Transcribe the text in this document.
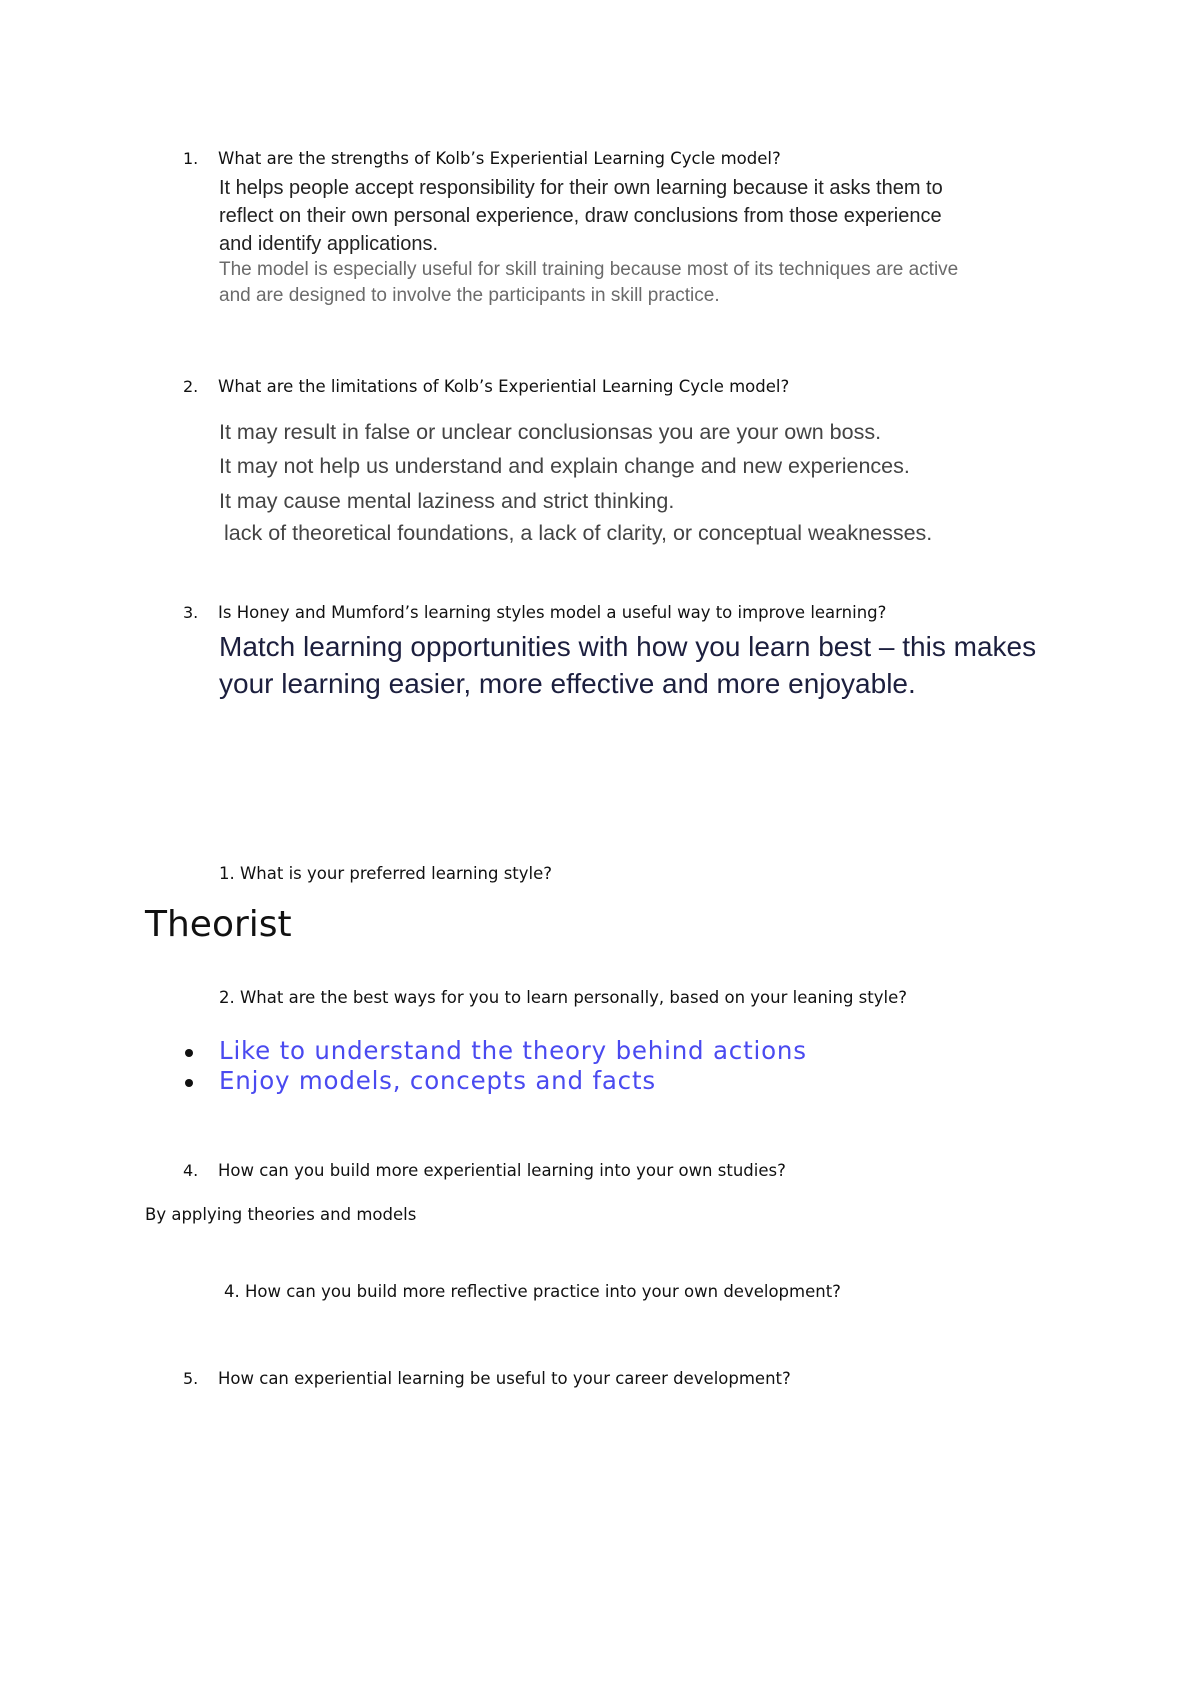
1. What are the strengths of Kolb’s Experiential Learning Cycle model?
It helps people accept responsibility for their own learning because it asks them to
reflect on their own personal experience, draw conclusions from those experience
and identify applications.
The model is especially useful for skill training because most of its techniques are active
and are designed to involve the participants in skill practice.
2. What are the limitations of Kolb’s Experiential Learning Cycle model?
It may result in false or unclear conclusionsas you are your own boss.
It may not help us understand and explain change and new experiences.
It may cause mental laziness and strict thinking.
lack of theoretical foundations, a lack of clarity, or conceptual weaknesses.
3. Is Honey and Mumford’s learning styles model a useful way to improve learning?
Match learning opportunities with how you learn best – this makes your learning easier, more effective and more enjoyable.
1. What is your preferred learning style?
Theorist
2. What are the best ways for you to learn personally, based on your leaning style?
Like to understand the theory behind actions
Enjoy models, concepts and facts
4. How can you build more experiential learning into your own studies?
By applying theories and models
4. How can you build more reflective practice into your own development?
5. How can experiential learning be useful to your career development?
